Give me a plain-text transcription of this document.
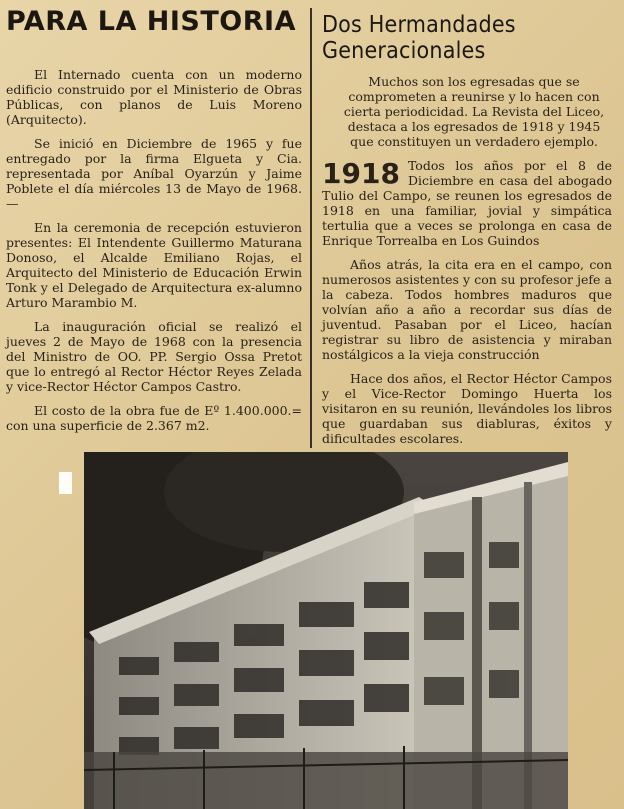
PARA LA HISTORIA

El Internado cuenta con un moderno edificio construido por el Ministerio de Obras Públicas, con planos de Luis Moreno (Arquitecto).

Se inició en Diciembre de 1965 y fue entregado por la firma Elgueta y Cia. representada por Aníbal Oyarzún y Jaime Poblete el día miércoles 13 de Mayo de 1968.—

En la ceremonia de recepción estuvieron presentes: El Intendente Guillermo Maturana Donoso, el Alcalde Emiliano Rojas, el Arquitecto del Ministerio de Educación Erwin Tonk y el Delegado de Arquitectura ex-alumno Arturo Marambio M.

La inauguración oficial se realizó el jueves 2 de Mayo de 1968 con la presencia del Ministro de OO. PP. Sergio Ossa Pretot que lo entregó al Rector Héctor Reyes Zelada y vice-Rector Héctor Campos Castro.

El costo de la obra fue de Eº 1.400.000.= con una superficie de 2.367 m2.

Dos Hermandades Generacionales

Muchos son los egresadas que se comprometen a reunirse y lo hacen con cierta periodicidad. La Revista del Liceo, destaca a los egresados de 1918 y 1945 que constituyen un verdadero ejemplo.

1918 Todos los años por el 8 de Diciembre en casa del abogado Tulio del Campo, se reunen los egresados de 1918 en una familiar, jovial y simpática tertulia que a veces se prolonga en casa de Enrique Torrealba en Los Guindos

Años atrás, la cita era en el campo, con numerosos asistentes y con su profesor jefe a la cabeza. Todos hombres maduros que volvían año a año a recordar sus días de juventud. Pasaban por el Liceo, hacían registrar su libro de asistencia y miraban nostálgicos a la vieja construcción

Hace dos años, el Rector Héctor Campos y el Vice-Rector Domingo Huerta los visitaron en su reunión, llevándoles los libros que guardaban sus diabluras, éxitos y dificultades escolares.
